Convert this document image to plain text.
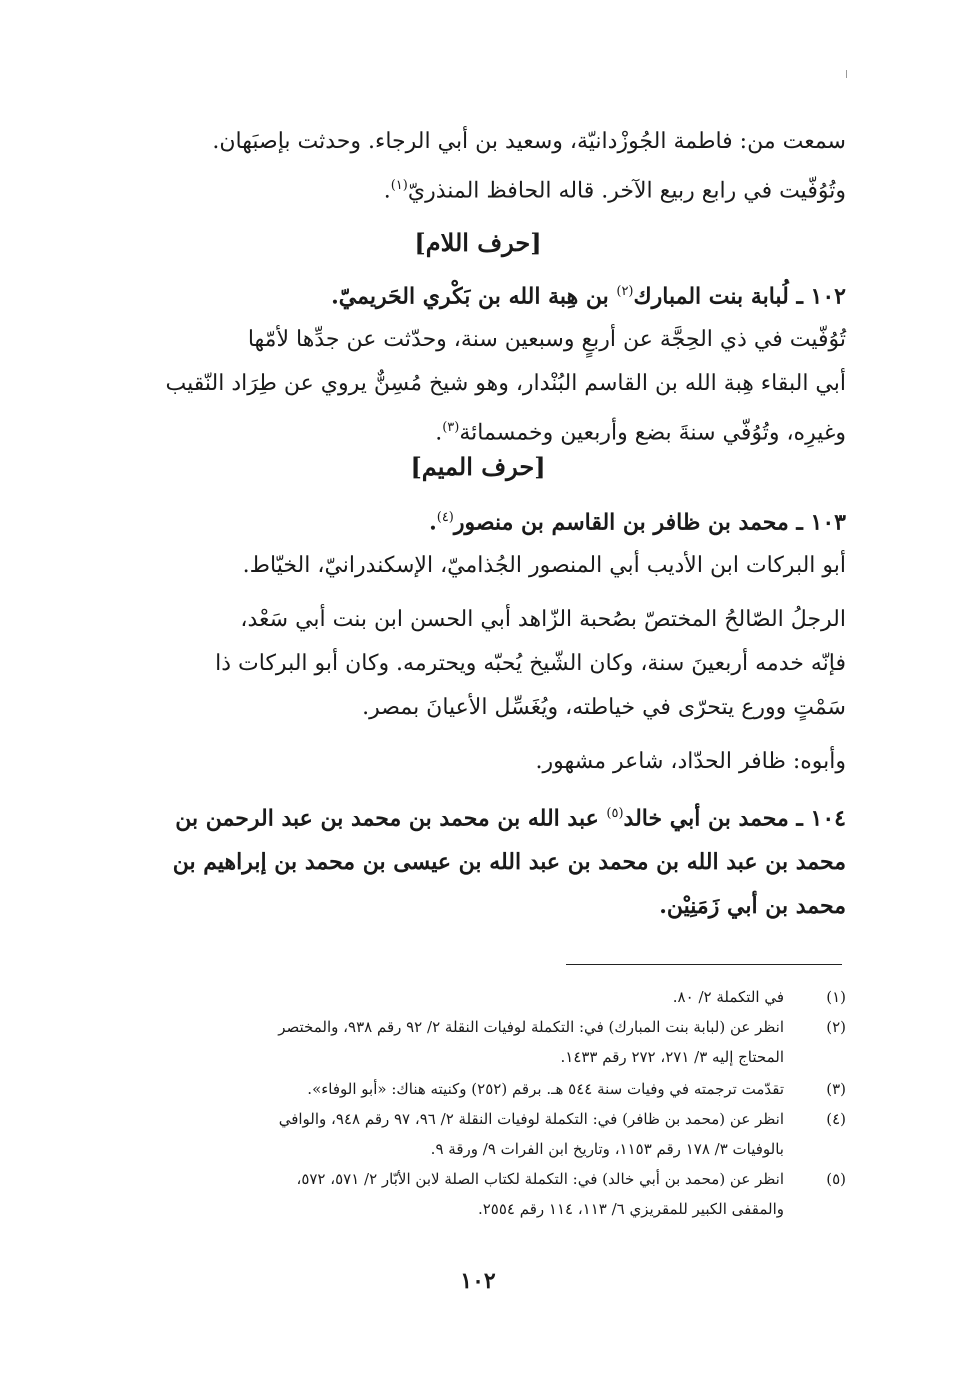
سمعت من: فاطمة الجُوزْدانيّة، وسعيد بن أبي الرجاء. وحدثت بإصبَهان.
وتُوُفّيت في رابع ربيع الآخر. قاله الحافظ المنذريّ$^{(١)}$.
[حرف اللام]
١٠٢ ـ لُبابة بنت المبارك$^{(٢)}$ بن هِبة الله بن بَكْري الحَريميّ.
تُوُفّيت في ذي الحِجَّة عن أربعٍ وسبعين سنة، وحدّثت عن جدِّها لأمّها
أبي البقاء هِبة الله بن القاسم البُنْدار، وهو شيخ مُسِنٌّ يروي عن طِرَاد النّقيب
وغيرِه، وتُوُفّي سنةَ بضع وأربعين وخمسمائة$^{(٣)}$.
[حرف الميم]
١٠٣ ـ محمد بن ظافر بن القاسم بن منصور$^{(٤)}$.
أبو البركات ابن الأديب أبي المنصور الجُذاميّ، الإسكندرانيّ، الخيّاط.
الرجلُ الصّالحُ المختصّ بصُحبة الزّاهد أبي الحسن ابن بنت أبي سَعْد،
فإنّه خدمه أربعينَ سنة، وكان الشّيخ يُحبّه ويحترمه. وكان أبو البركات ذا
سَمْتٍ وورع يتحرّى في خياطته، ويُغَسِّل الأعيانَ بمصر.
وأبوه: ظافر الحدّاد، شاعر مشهور.
١٠٤ ـ محمد بن أبي خالد$^{(٥)}$ عبد الله بن محمد بن محمد بن عبد الرحمن بن
محمد بن عبد الله بن محمد بن عبد الله بن عيسى بن محمد بن إبراهيم بن
محمد بن أبي زَمَنِيْن.
(١)
في التكملة ٢/ ٨٠.
(٢)
انظر عن (لبابة بنت المبارك) في: التكملة لوفيات النقلة ٢/ ٩٢ رقم ٩٣٨، والمختصر
المحتاج إليه ٣/ ٢٧١، ٢٧٢ رقم ١٤٣٣.
(٣)
تقدّمت ترجمته في وفيات سنة ٥٤٤ هـ. برقم (٢٥٢) وكنيته هناك: «أبو الوفاء».
(٤)
انظر عن (محمد بن ظافر) في: التكملة لوفيات النقلة ٢/ ٩٦، ٩٧ رقم ٩٤٨، والوافي
بالوفيات ٣/ ١٧٨ رقم ١١٥٣، وتاريخ ابن الفرات ٩/ ورقة ٩.
(٥)
انظر عن (محمد بن أبي خالد) في: التكملة لكتاب الصلة لابن الأبّار ٢/ ٥٧١، ٥٧٢،
والمقفى الكبير للمقريزي ٦/ ١١٣، ١١٤ رقم ٢٥٥٤.
١٠٢
